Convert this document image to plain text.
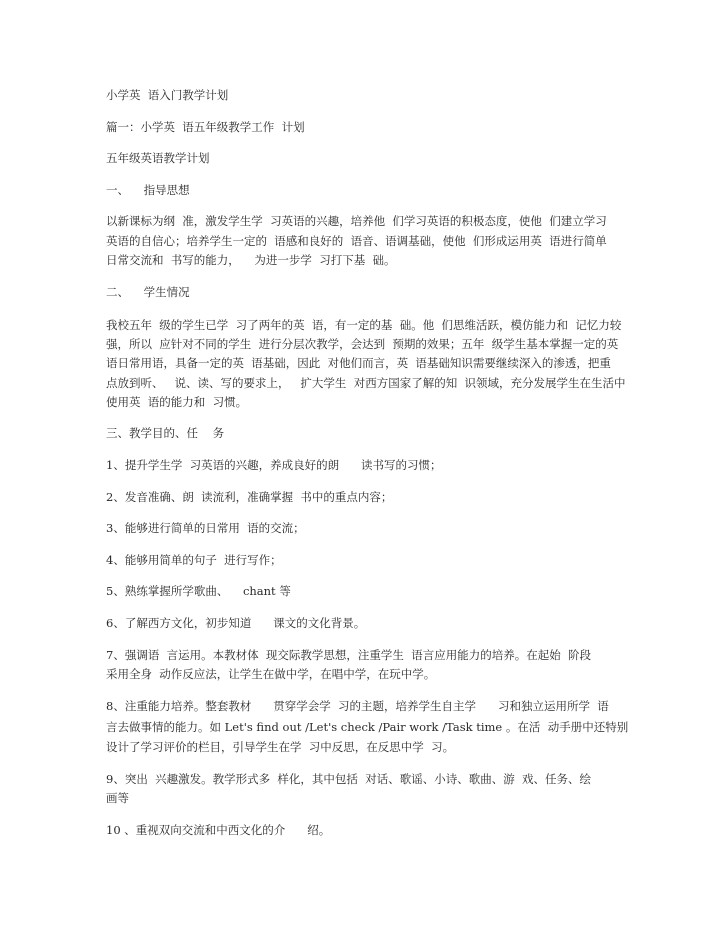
小学英  语入门教学计划
篇一：小学英  语五年级教学工作  计划
五年级英语教学计划
一、    指导思想
以新课标为纲  准，激发学生学  习英语的兴趣，培养他  们学习英语的积极态度，使他  们建立学习
英语的自信心；培养学生一定的  语感和良好的  语音、语调基础，使他  们形成运用英  语进行简单
日常交流和  书写的能力，    为进一步学  习打下基  础。
二、    学生情况
我校五年  级的学生已学  习了两年的英  语，有一定的基  础。他  们思维活跃，模仿能力和  记忆力较
强，所以  应针对不同的学生  进行分层次教学，会达到  预期的效果；五年  级学生基本掌握一定的英
语日常用语，具备一定的英  语基础，因此  对他们而言，英  语基础知识需要继续深入的渗透，把重
点放到听、   说、读、写的要求上，   扩大学生  对西方国家了解的知  识领域，充分发展学生在生活中
使用英  语的能力和  习惯。
三、教学目的、任    务
1、提升学生学  习英语的兴趣，养成良好的朗      读书写的习惯；
2、发音准确、朗  读流利，准确掌握  书中的重点内容；
3、能够进行简单的日常用  语的交流；
4、能够用简单的句子  进行写作；
5、熟练掌握所学歌曲、    chant 等
6、了解西方文化，初步知道      课文的文化背景。
7、强调语  言运用。本教材体  现交际教学思想，注重学生  语言应用能力的培养。在起始  阶段
采用全身  动作反应法，让学生在做中学，在唱中学，在玩中学。
8、注重能力培养。整套教材      贯穿学会学  习的主题，培养学生自主学      习和独立运用所学  语
言去做事情的能力。如 Let's find out /Let's check /Pair work /Task time 。在活  动手册中还特别
设计了学习评价的栏目，引导学生在学  习中反思，在反思中学  习。
9、突出  兴趣激发。教学形式多  样化，其中包括  对话、歌谣、小诗、歌曲、游  戏、任务、绘
画等
10 、重视双向交流和中西文化的介      绍。
